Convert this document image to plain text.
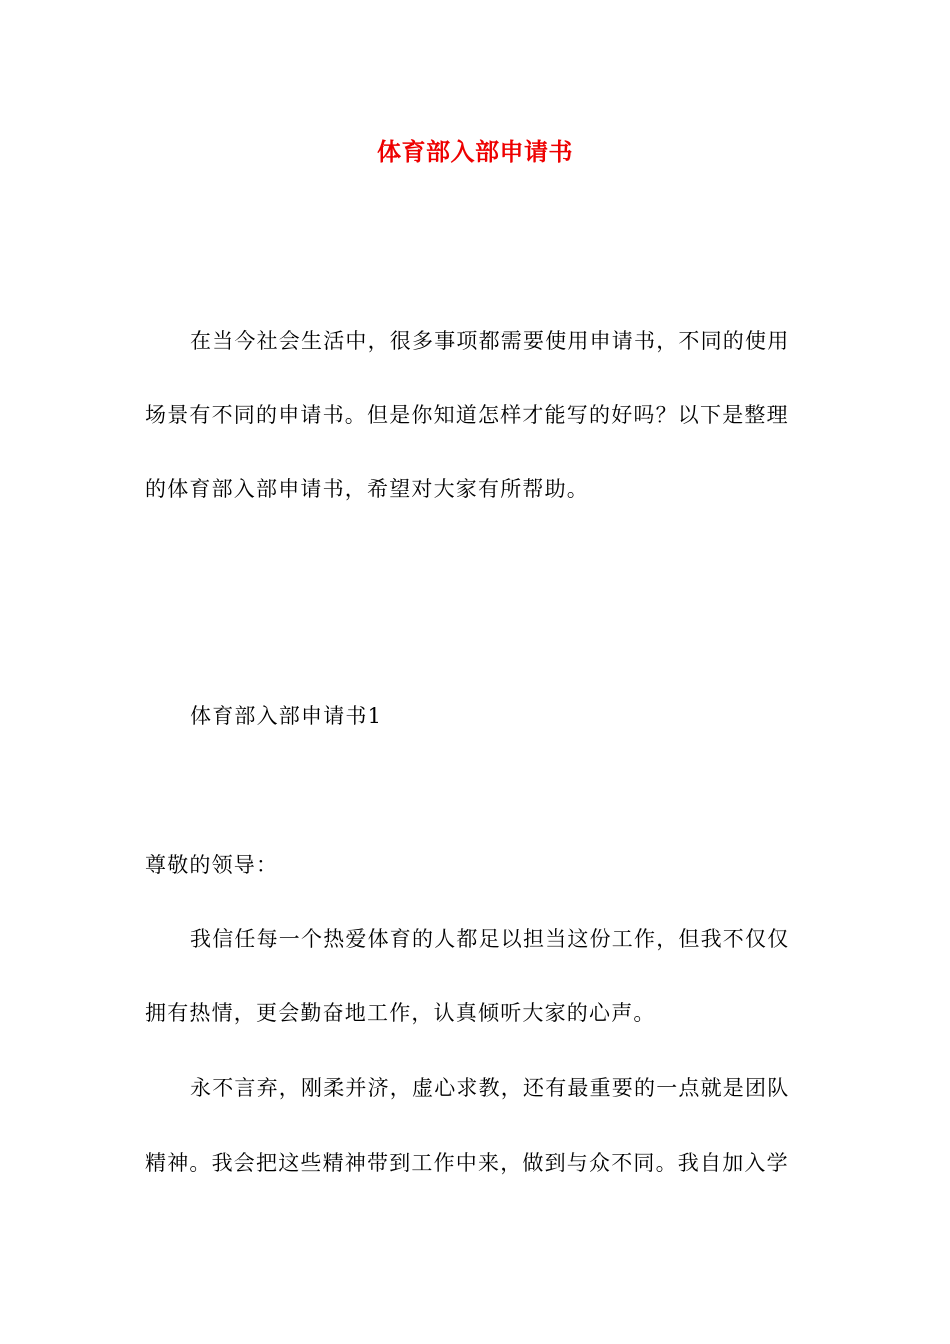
体育部入部申请书
在当今社会生活中，很多事项都需要使用申请书，不同的使用
场景有不同的申请书。但是你知道怎样才能写的好吗？以下是整理
的体育部入部申请书，希望对大家有所帮助。
体育部入部申请书1
尊敬的领导：
我信任每一个热爱体育的人都足以担当这份工作，但我不仅仅
拥有热情，更会勤奋地工作，认真倾听大家的心声。
永不言弃，刚柔并济，虚心求教，还有最重要的一点就是团队
精神。我会把这些精神带到工作中来，做到与众不同。我自加入学
